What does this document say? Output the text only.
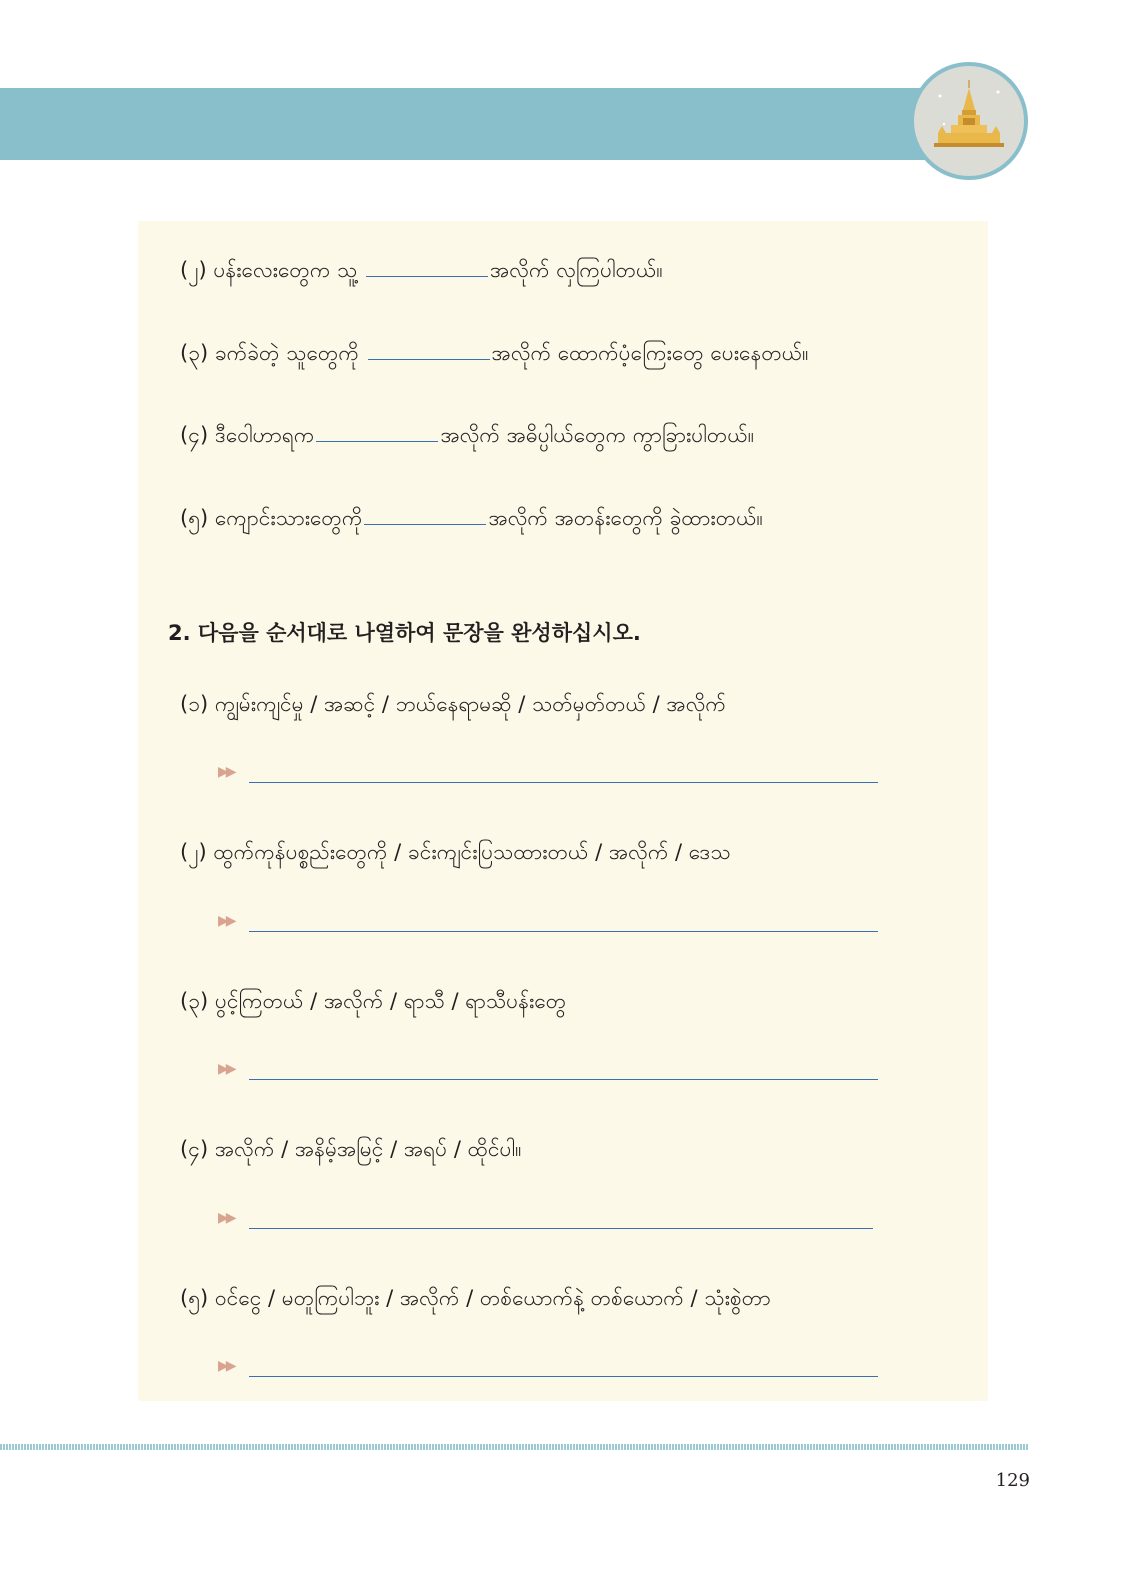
(၂) ပန်းလေးတွေက သူ့	အလိုက် လှကြပါတယ်။

(၃) ခက်ခဲတဲ့ သူတွေကို	အလိုက် ထောက်ပံ့ကြေးတွေ ပေးနေတယ်။

(၄) ဒီဝေါဟာရက	အလိုက် အဓိပ္ပါယ်တွေက ကွာခြားပါတယ်။

(၅) ကျောင်းသားတွေကို	အလိုက် အတန်းတွေကို ခွဲထားတယ်။

2. 다음을 순서대로 나열하여 문장을 완성하십시오.

(၁) ကျွမ်းကျင်မှု / အဆင့် / ဘယ်နေရာမဆို / သတ်မှတ်တယ် / အလိုက်

▶▶

(၂) ထွက်ကုန်ပစ္စည်းတွေကို / ခင်းကျင်းပြသထားတယ် / အလိုက် / ဒေသ

▶▶

(၃) ပွင့်ကြတယ် / အလိုက် / ရာသီ / ရာသီပန်းတွေ

▶▶

(၄) အလိုက် / အနိမ့်အမြင့် / အရပ် / ထိုင်ပါ။

▶▶

(၅) ဝင်ငွေ / မတူကြပါဘူး / အလိုက် / တစ်ယောက်နဲ့ တစ်ယောက် / သုံးစွဲတာ

▶▶
129
